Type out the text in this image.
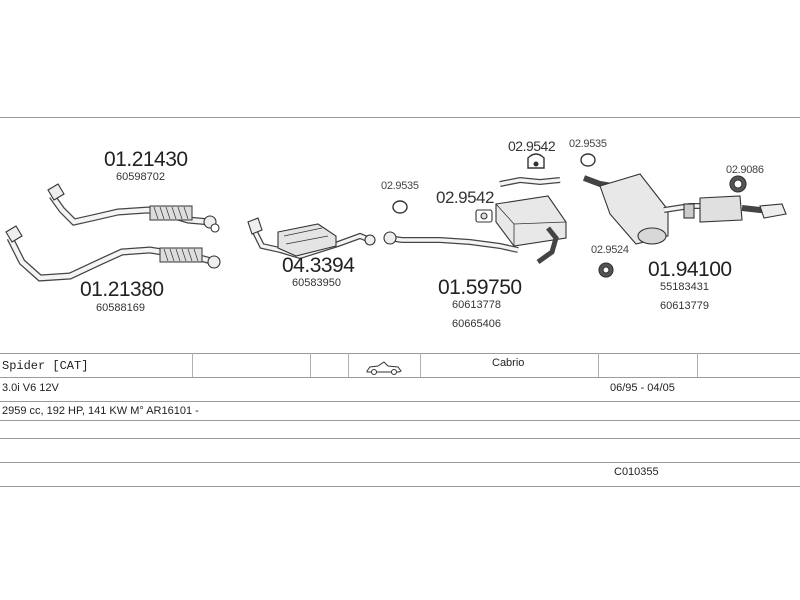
01.21430
60598702
01.21380
60588169
04.3394
60583950	01.59750
60613778
60665406
01.94100
55183431
60613779
02.9535
02.9542
02.9542 02.9535
02.9524
02.9086
Spider [CAT]	Cabrio
3.0i V6 12V	06/95 - 04/05
2959 cc, 192 HP, 141 KW M° AR16101 -
C010355
